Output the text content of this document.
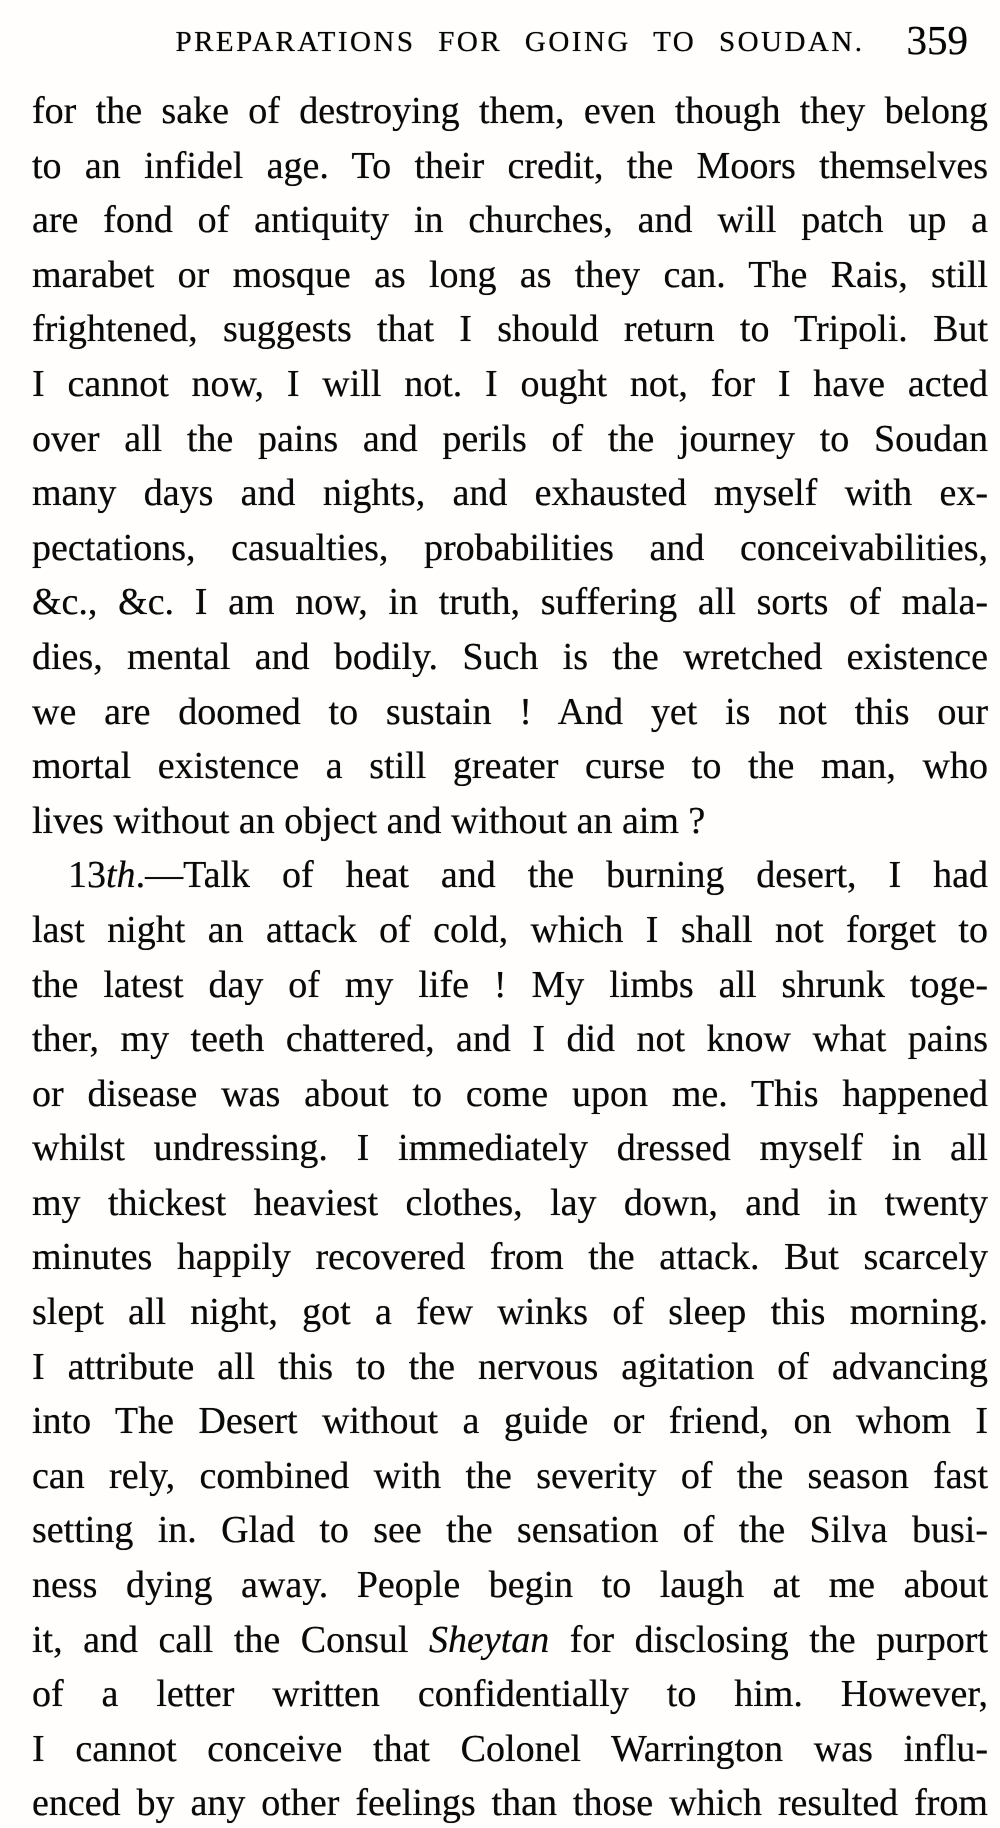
PREPARATIONS FOR GOING TO SOUDAN. 359
for the sake of destroying them, even though they belong
to an infidel age. To their credit, the Moors themselves
are fond of antiquity in churches, and will patch up a
marabet or mosque as long as they can. The Rais, still
frightened, suggests that I should return to Tripoli. But
I cannot now, I will not. I ought not, for I have acted
over all the pains and perils of the journey to Soudan
many days and nights, and exhausted myself with ex-
pectations, casualties, probabilities and conceivabilities,
&c., &c. I am now, in truth, suffering all sorts of mala-
dies, mental and bodily. Such is the wretched existence
we are doomed to sustain ! And yet is not this our
mortal existence a still greater curse to the man, who
lives without an object and without an aim ?
13th.—Talk of heat and the burning desert, I had
last night an attack of cold, which I shall not forget to
the latest day of my life ! My limbs all shrunk toge-
ther, my teeth chattered, and I did not know what pains
or disease was about to come upon me. This happened
whilst undressing. I immediately dressed myself in all
my thickest heaviest clothes, lay down, and in twenty
minutes happily recovered from the attack. But scarcely
slept all night, got a few winks of sleep this morning.
I attribute all this to the nervous agitation of advancing
into The Desert without a guide or friend, on whom I
can rely, combined with the severity of the season fast
setting in. Glad to see the sensation of the Silva busi-
ness dying away. People begin to laugh at me about
it, and call the Consul Sheytan for disclosing the purport
of a letter written confidentially to him. However,
I cannot conceive that Colonel Warrington was influ-
enced by any other feelings than those which resulted from
